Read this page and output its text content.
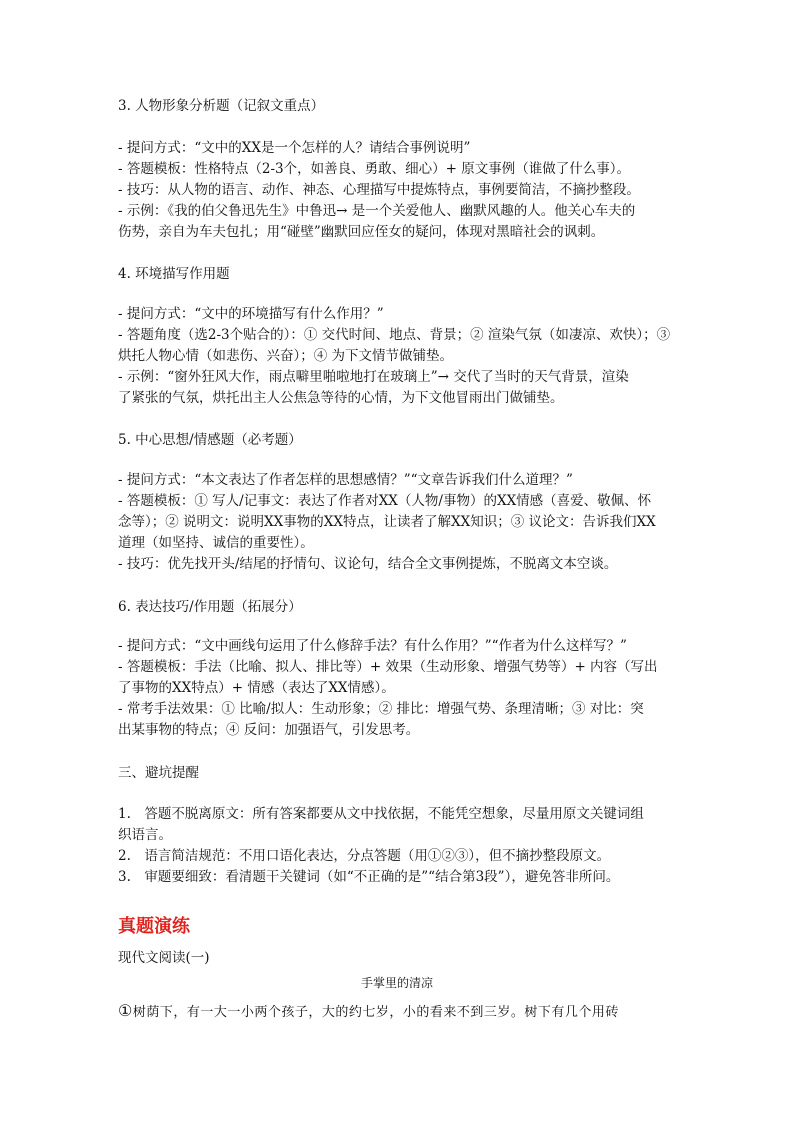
3. 人物形象分析题（记叙文重点）

- 提问方式：“文中的XX是一个怎样的人？请结合事例说明”

- 答题模板：性格特点（2-3个，如善良、勇敢、细心）+ 原文事例（谁做了什么事）。

- 技巧：从人物的语言、动作、神态、心理描写中提炼特点，事例要简洁，不摘抄整段。

- 示例：《我的伯父鲁迅先生》中鲁迅→ 是一个关爱他人、幽默风趣的人。他关心车夫的

伤势，亲自为车夫包扎；用“碰壁”幽默回应侄女的疑问，体现对黑暗社会的讽刺。

4. 环境描写作用题

- 提问方式：“文中的环境描写有什么作用？”

- 答题角度（选2-3个贴合的）：① 交代时间、地点、背景；② 渲染气氛（如凄凉、欢快）；③

烘托人物心情（如悲伤、兴奋）；④ 为下文情节做铺垫。

- 示例：“窗外狂风大作，雨点噼里啪啦地打在玻璃上”→ 交代了当时的天气背景，渲染

了紧张的气氛，烘托出主人公焦急等待的心情，为下文他冒雨出门做铺垫。

5. 中心思想/情感题（必考题）

- 提问方式：“本文表达了作者怎样的思想感情？”“文章告诉我们什么道理？”

- 答题模板：① 写人/记事文：表达了作者对XX（人物/事物）的XX情感（喜爱、敬佩、怀

念等）；② 说明文：说明XX事物的XX特点，让读者了解XX知识；③ 议论文：告诉我们XX

道理（如坚持、诚信的重要性）。

- 技巧：优先找开头/结尾的抒情句、议论句，结合全文事例提炼，不脱离文本空谈。

6. 表达技巧/作用题（拓展分）

- 提问方式：“文中画线句运用了什么修辞手法？有什么作用？”“作者为什么这样写？”

- 答题模板：手法（比喻、拟人、排比等）+ 效果（生动形象、增强气势等）+ 内容（写出

了事物的XX特点）+ 情感（表达了XX情感）。

- 常考手法效果：① 比喻/拟人：生动形象；② 排比：增强气势、条理清晰；③ 对比：突

出某事物的特点；④ 反问：加强语气，引发思考。

三、避坑提醒

1.　答题不脱离原文：所有答案都要从文中找依据，不能凭空想象，尽量用原文关键词组

织语言。

2.　语言简洁规范：不用口语化表达，分点答题（用①②③），但不摘抄整段原文。

3.　审题要细致：看清题干关键词（如“不正确的是”“结合第3段”），避免答非所问。

真题演练
现代文阅读(一)
手掌里的清凉
①树荫下，有一大一小两个孩子，大的约七岁，小的看来不到三岁。树下有几个用砖
